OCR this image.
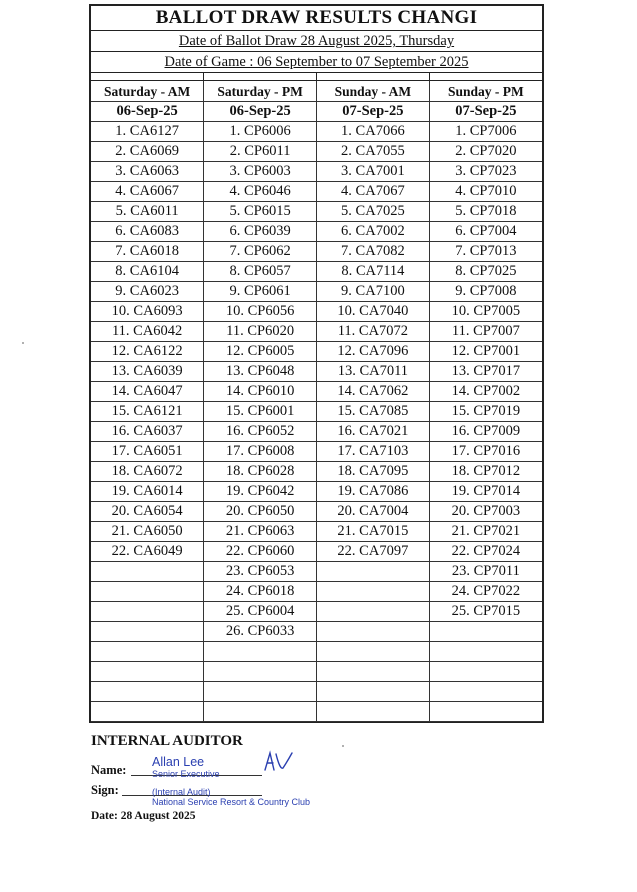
BALLOT DRAW RESULTS CHANGI
Date of Ballot Draw 28 August 2025, Thursday
Date of Game : 06 September to 07 September 2025
Saturday - AM	Saturday - PM	Sunday - AM	Sunday - PM
06-Sep-25	06-Sep-25	07-Sep-25	07-Sep-25
1. CA6127	1. CP6006	1. CA7066	1. CP7006
2. CA6069	2. CP6011	2. CA7055	2. CP7020
3. CA6063	3. CP6003	3. CA7001	3. CP7023
4. CA6067	4. CP6046	4. CA7067	4. CP7010
5. CA6011	5. CP6015	5. CA7025	5. CP7018
6. CA6083	6. CP6039	6. CA7002	6. CP7004
7. CA6018	7. CP6062	7. CA7082	7. CP7013
8. CA6104	8. CP6057	8. CA7114	8. CP7025
9. CA6023	9. CP6061	9. CA7100	9. CP7008
10. CA6093	10. CP6056	10. CA7040	10. CP7005
11. CA6042	11. CP6020	11. CA7072	11. CP7007
12. CA6122	12. CP6005	12. CA7096	12. CP7001
13. CA6039	13. CP6048	13. CA7011	13. CP7017
14. CA6047	14. CP6010	14. CA7062	14. CP7002
15. CA6121	15. CP6001	15. CA7085	15. CP7019
16. CA6037	16. CP6052	16. CA7021	16. CP7009
17. CA6051	17. CP6008	17. CA7103	17. CP7016
18. CA6072	18. CP6028	18. CA7095	18. CP7012
19. CA6014	19. CP6042	19. CA7086	19. CP7014
20. CA6054	20. CP6050	20. CA7004	20. CP7003
21. CA6050	21. CP6063	21. CA7015	21. CP7021
22. CA6049	22. CP6060	22. CA7097	22. CP7024
	23. CP6053		23. CP7011
	24. CP6018		24. CP7022
	25. CP6004		25. CP7015
	26. CP6033		

INTERNAL AUDITOR
Name:
Sign:
Date: 28 August 2025
Allan Lee
Senior Executive
(Internal Audit)
National Service Resort & Country Club
